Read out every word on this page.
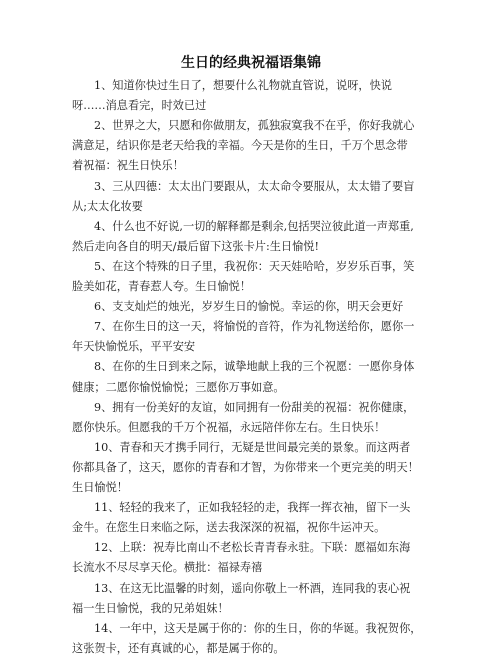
生日的经典祝福语集锦
1、知道你快过生日了，想要什么礼物就直管说，说呀，快说
呀……消息看完，时效已过
2、世界之大，只愿和你做朋友，孤独寂寞我不在乎，你好我就心
满意足，结识你是老天给我的幸福。今天是你的生日，千万个思念带
着祝福：祝生日快乐！
3、三从四德：太太出门要跟从，太太命令要服从，太太错了要盲
从;太太化妆要
4、什么也不好说,一切的解释都是剩余,包括哭泣彼此道一声郑重,
然后走向各自的明天/最后留下这张卡片:生日愉悦!
5、在这个特殊的日子里，我祝你：天天娃哈哈，岁岁乐百事，笑
脸美如花，青春惹人夸。生日愉悦！
6、支支灿烂的烛光，岁岁生日的愉悦。幸运的你，明天会更好
7、在你生日的这一天，将愉悦的音符，作为礼物送给你，愿你一
年天快愉悦乐，平平安安
8、在你的生日到来之际，诚挚地献上我的三个祝愿：一愿你身体
健康；二愿你愉悦愉悦；三愿你万事如意。
9、拥有一份美好的友谊，如同拥有一份甜美的祝福：祝你健康，
愿你快乐。但愿我的千万个祝福，永远陪伴你左右。生日快乐！
10、青春和天才携手同行，无疑是世间最完美的景象。而这两者
你都具备了，这天，愿你的青春和才智，为你带来一个更完美的明天！
生日愉悦！
11、轻轻的我来了，正如我轻轻的走，我挥一挥衣袖，留下一头
金牛。在您生日来临之际，送去我深深的祝福，祝你牛运冲天。
12、上联：祝寿比南山不老松长青青春永驻。下联：愿福如东海
长流水不尽尽享天伦。横批：福禄寿禧
13、在这无比温馨的时刻，遥向你敬上一杯酒，连同我的衷心祝
福一生日愉悦，我的兄弟姐妹！
14、一年中，这天是属于你的：你的生日，你的华诞。我祝贺你，
这张贺卡，还有真诚的心，都是属于你的。
